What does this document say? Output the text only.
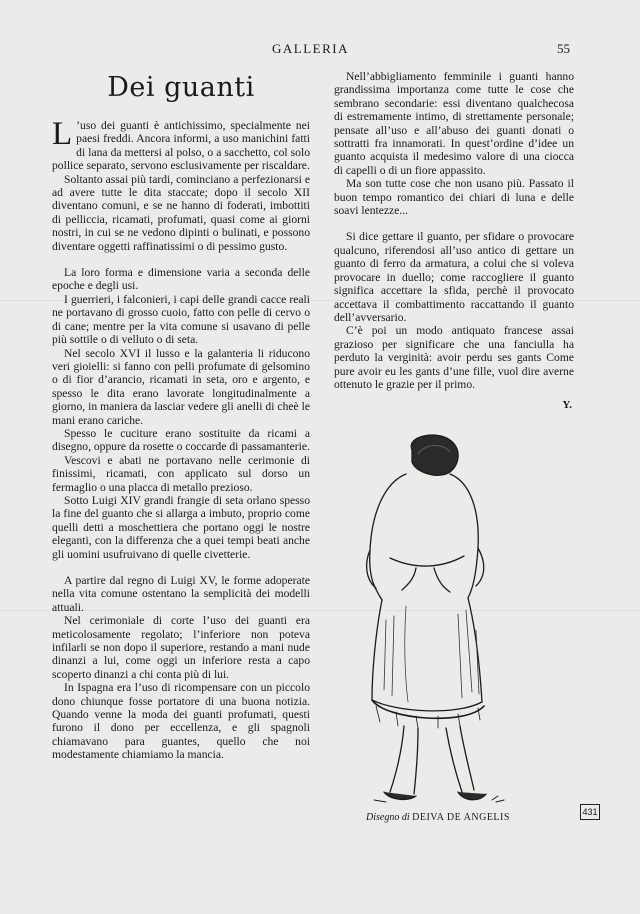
GALLERIA	55
Dei guanti

L ’uso dei guanti è antichissimo, specialmente nei paesi freddi. Ancora informi, a uso manichini fatti di lana da mettersi al polso, o a sacchetto, col solo pollice separato, servono esclusivamente per riscaldare.

Soltanto assai più tardi, cominciano a perfezionarsi e ad avere tutte le dita staccate; dopo il secolo XII diventano comuni, e se ne hanno di foderati, imbottiti di pelliccia, ricamati, profumati, quasi come ai giorni nostri, in cui se ne vedono dipinti o bulinati, e possono diventare oggetti raffinatissimi o di pessimo gusto.

La loro forma e dimensione varia a seconda delle epoche e degli usi.

I guerrieri, i falconieri, i capi delle grandi cacce reali ne portavano di grosso cuoio, fatto con pelle di cervo o di cane; mentre per la vita comune si usavano di pelle più sottile o di velluto o di seta.

Nel secolo XVI il lusso e la galanteria li riducono veri gioielli: si fanno con pelli profumate di gelsomino o di fior d’arancio, ricamati in seta, oro e argento, e spesso le dita erano lavorate longitudinalmente a giorno, in maniera da lasciar vedere gli anelli di cheè le mani erano cariche.

Spesso le cuciture erano sostituite da ricami a disegno, oppure da rosette o coccarde di passamanterie.

Vescovi e abati ne portavano nelle cerimonie di finissimi, ricamati, con applicato sul dorso un fermaglio o una placca di metallo prezioso.

Sotto Luigi XIV grandi frangie di seta orlano spesso la fine del guanto che si allarga a imbuto, proprio come quelli detti a moschettiera che portano oggi le nostre eleganti, con la differenza che a quei tempi beati anche gli uomini usufruivano di quelle civetterie.

A partire dal regno di Luigi XV, le forme adoperate nella vita comune ostentano la semplicità dei modelli attuali.

Nel cerimoniale di corte l’uso dei guanti era meticolosamente regolato; l’inferiore non poteva infilarli se non dopo il superiore, restando a mani nude dinanzi a lui, come oggi un inferiore resta a capo scoperto dinanzi a chi conta più di lui.

In Ispagna era l’uso di ricompensare con un piccolo dono chiunque fosse portatore di una buona notizia. Quando venne la moda dei guanti profumati, questi furono il dono per eccellenza, e gli spagnoli chiamavano para guantes, quello che noi modestamente chiamiamo la mancia.

Nell’abbigliamento femminile i guanti hanno grandissima importanza come tutte le cose che sembrano secondarie: essi diventano qualchecosa di estremamente intimo, di strettamente personale; pensate all’uso e all’abuso dei guanti donati o sottratti fra innamorati. In quest’ordine d’idee un guanto acquista il medesimo valore di una ciocca di capelli o di un fiore appassito.

Ma son tutte cose che non usano più. Passato il buon tempo romantico dei chiari di luna e delle soavi lentezze...

Si dice gettare il guanto, per sfidare o provocare qualcuno, riferendosi all’uso antico di gettare un guanto di ferro da armatura, a colui che si voleva provocare in duello; come raccogliere il guanto significa accettare la sfida, perchè il provocato accettava il combattimento raccattando il guanto dell’avversario.

C’è poi un modo antiquato francese assai grazioso per significare che una fanciulla ha perduto la verginità: avoir perdu ses gants Come pure avoir eu les gants d’une fille, vuol dire averne ottenuto le grazie per il primo.

Y.
Disegno di DEIVA DE ANGELIS	431
